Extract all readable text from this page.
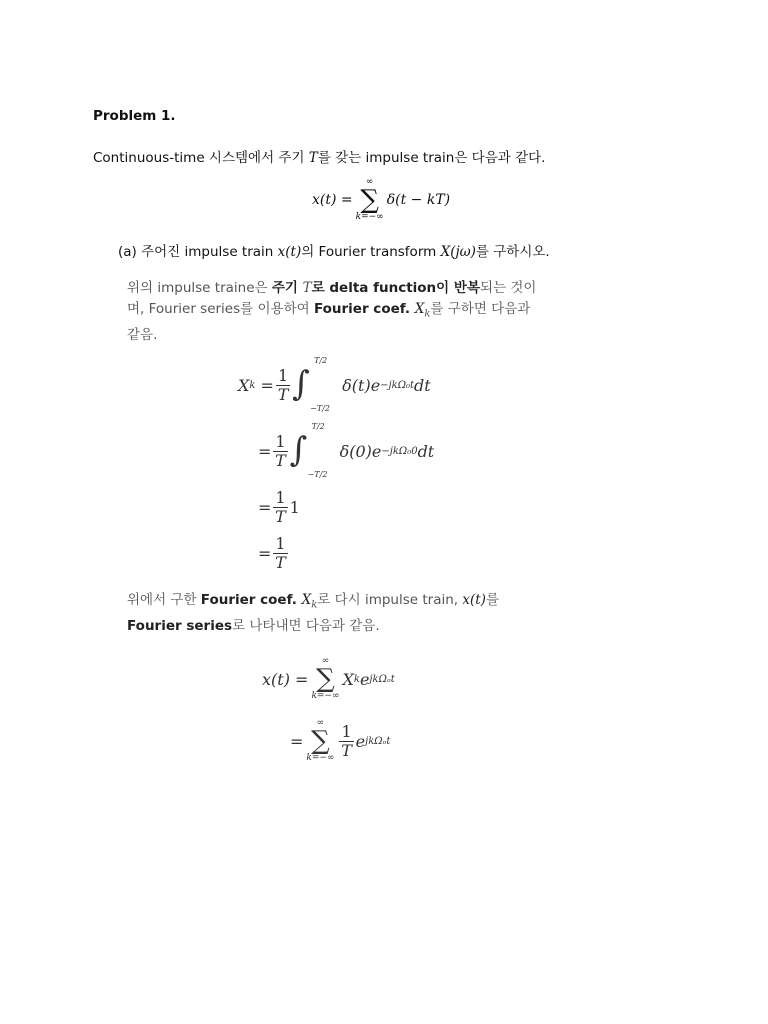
Problem 1.
Continuous-time 시스템에서 주기 T를 갖는 impulse train은 다음과 같다.
x(t) =
∞
∑
k=−∞
δ(t − kT)
(a) 주어진 impulse train x(t)의 Fourier transform X(jω)를 구하시오.
위의 impulse traine은 주기 T로 delta function이 반복되는 것이
며, Fourier series를 이용하여 Fourier coef. $X_k$를 구하면 다음과
같음.
X k
= $\frac{1}{T}$ ∫
T/2
−T/2
δ(t)e −jkΩ₀t dt
= $\frac{1}{T}$ ∫
T/2
−T/2
δ(0)e −jkΩ₀0 dt
= $\frac{1}{T} 1$
= $\frac{1}{T}$
위에서 구한 Fourier coef. $X_k$로 다시 impulse train, x(t)를
Fourier series로 나타내면 다음과 같음.
x(t) =
∞
∑
k=−∞
X k e jkΩₒt
=
∞
∑
$k=-\infty \frac{1}{T}$ e jkΩₒt
